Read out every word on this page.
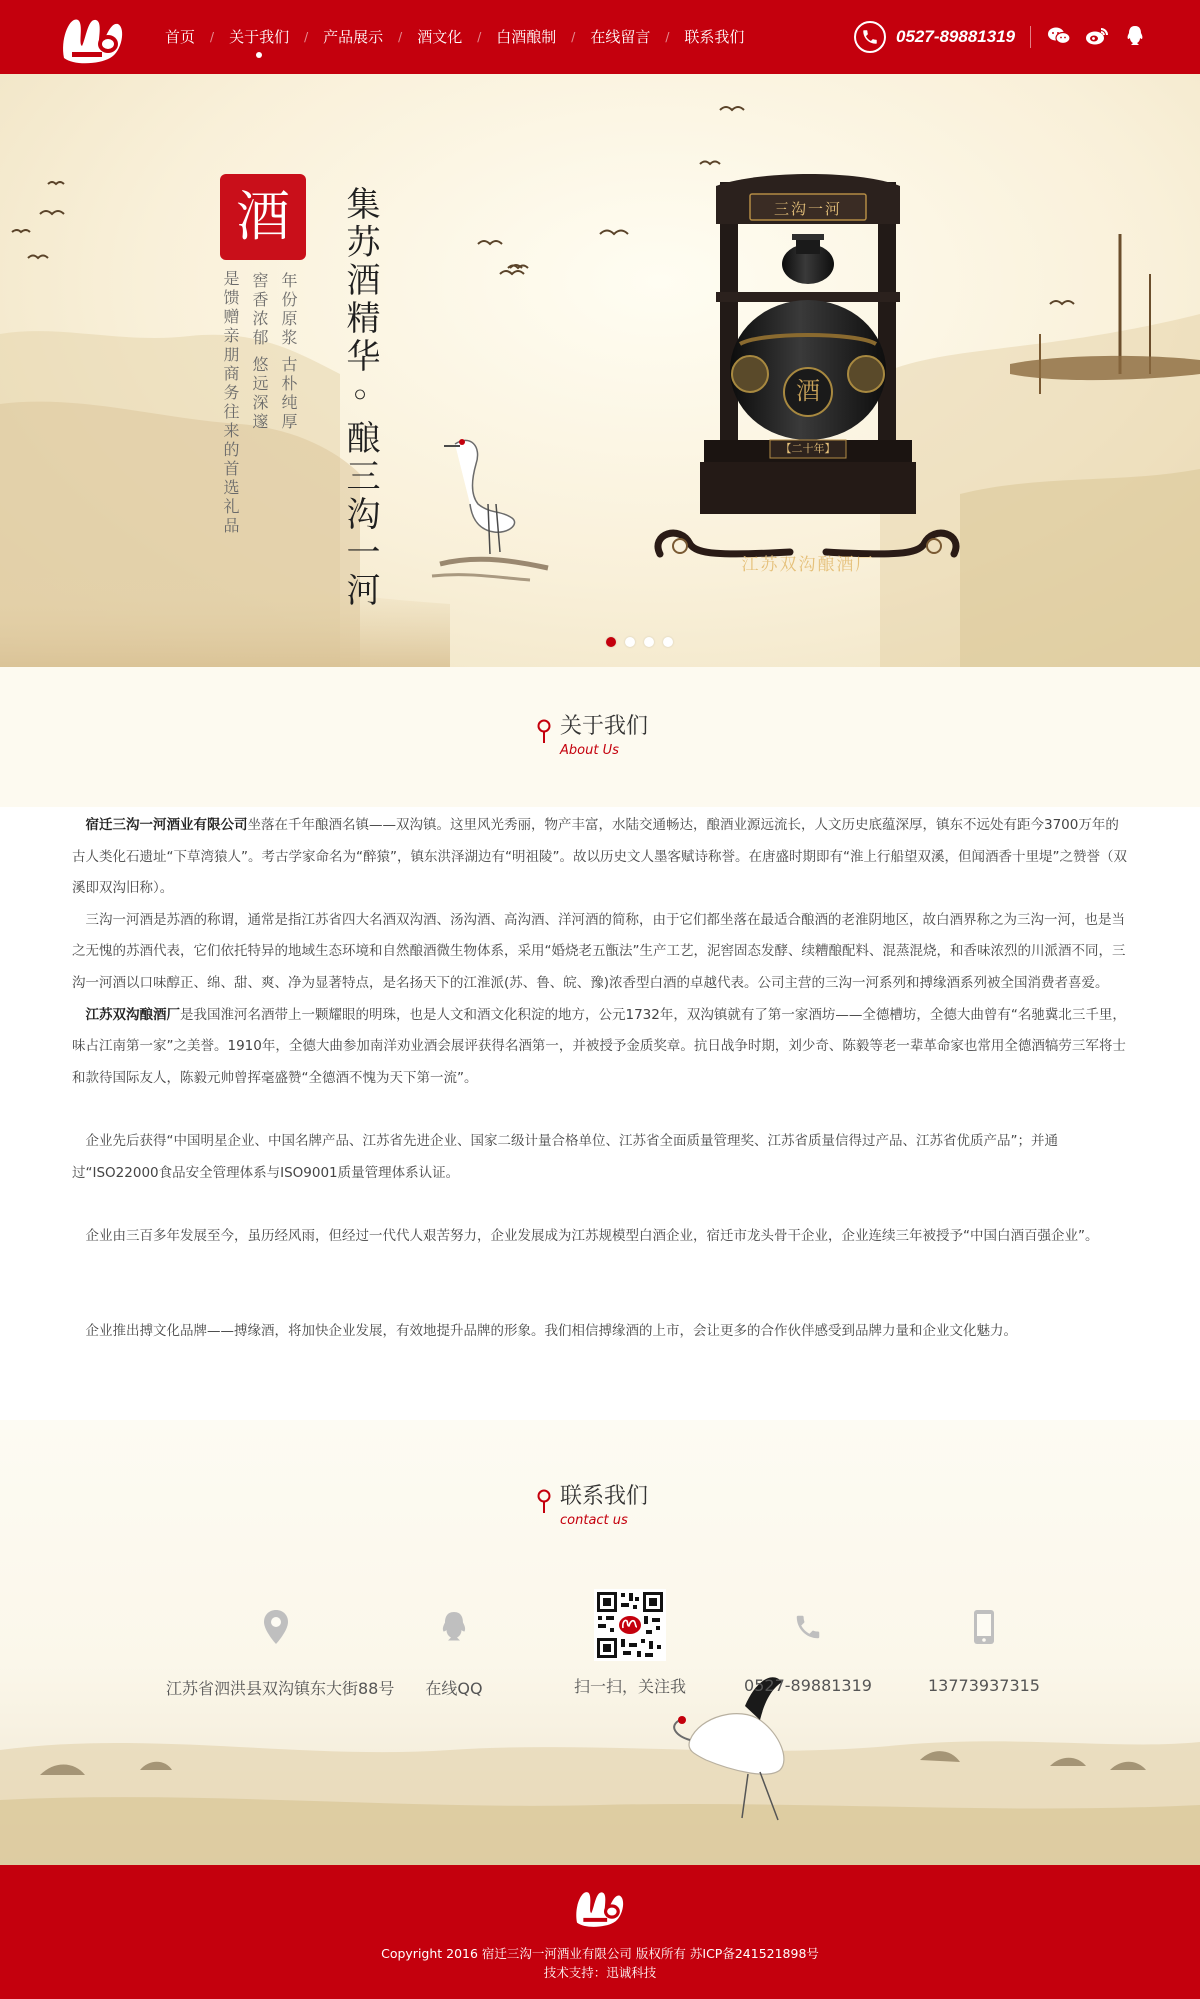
首页	/	关于我们	/	产品展示	/	酒文化	/	白酒酿制	/	在线留言	/	联系我们	0527-89881319
三沟一河
酒
【二十年】
江苏双沟酿酒厂
酒	集苏酒精华◦酿三沟一河
年份原浆 古朴纯厚
窖香浓郁 悠远深邃
是馈赠亲朋商务往来的首选礼品
关于我们
About Us

　宿迁三沟一河酒业有限公司坐落在千年酿酒名镇——双沟镇。这里风光秀丽，物产丰富，水陆交通畅达，酿酒业源远流长，人文历史底蕴深厚，镇东不远处有距今3700万年的古人类化石遗址“下草湾猿人”。考古学家命名为“醉猿”，镇东洪泽湖边有“明祖陵”。故以历史文人墨客赋诗称誉。在唐盛时期即有“淮上行船望双溪，但闻酒香十里堤”之赞誉（双溪即双沟旧称）。

　三沟一河酒是苏酒的称谓，通常是指江苏省四大名酒双沟酒、汤沟酒、高沟酒、洋河酒的简称，由于它们都坐落在最适合酿酒的老淮阴地区，故白酒界称之为三沟一河，也是当之无愧的苏酒代表，它们依托特异的地域生态环境和自然酿酒微生物体系，采用“婚烧老五甑法”生产工艺，泥窖固态发酵、续糟酿配料、混蒸混烧，和香味浓烈的川派酒不同，三沟一河酒以口味醇正、绵、甜、爽、净为显著特点，是名扬天下的江淮派(苏、鲁、皖、豫)浓香型白酒的卓越代表。公司主营的三沟一河系列和搏缘酒系列被全国消费者喜爱。

　江苏双沟酿酒厂是我国淮河名酒带上一颗耀眼的明珠，也是人文和酒文化积淀的地方，公元1732年，双沟镇就有了第一家酒坊——全德槽坊，全德大曲曾有“名驰冀北三千里，味占江南第一家”之美誉。1910年，全德大曲参加南洋劝业酒会展评获得名酒第一，并被授予金质奖章。抗日战争时期，刘少奇、陈毅等老一辈革命家也常用全德酒犒劳三军将士和款待国际友人，陈毅元帅曾挥毫盛赞“全德酒不愧为天下第一流”。

　企业先后获得“中国明星企业、中国名牌产品、江苏省先进企业、国家二级计量合格单位、江苏省全面质量管理奖、江苏省质量信得过产品、江苏省优质产品”；并通过“ISO22000食品安全管理体系与ISO9001质量管理体系认证。

　企业由三百多年发展至今，虽历经风雨，但经过一代代人艰苦努力，企业发展成为江苏规模型白酒企业，宿迁市龙头骨干企业，企业连续三年被授予“中国白酒百强企业”。

　企业推出搏文化品牌——搏缘酒，将加快企业发展，有效地提升品牌的形象。我们相信搏缘酒的上市，会让更多的合作伙伴感受到品牌力量和企业文化魅力。

联系我们
contact us
江苏省泗洪县双沟镇东大街88号	在线QQ	扫一扫，关注我	0527-89881319	13773937315
Copyright 2016 宿迁三沟一河酒业有限公司 版权所有 苏ICP备241521898号
技术支持：迅诚科技
